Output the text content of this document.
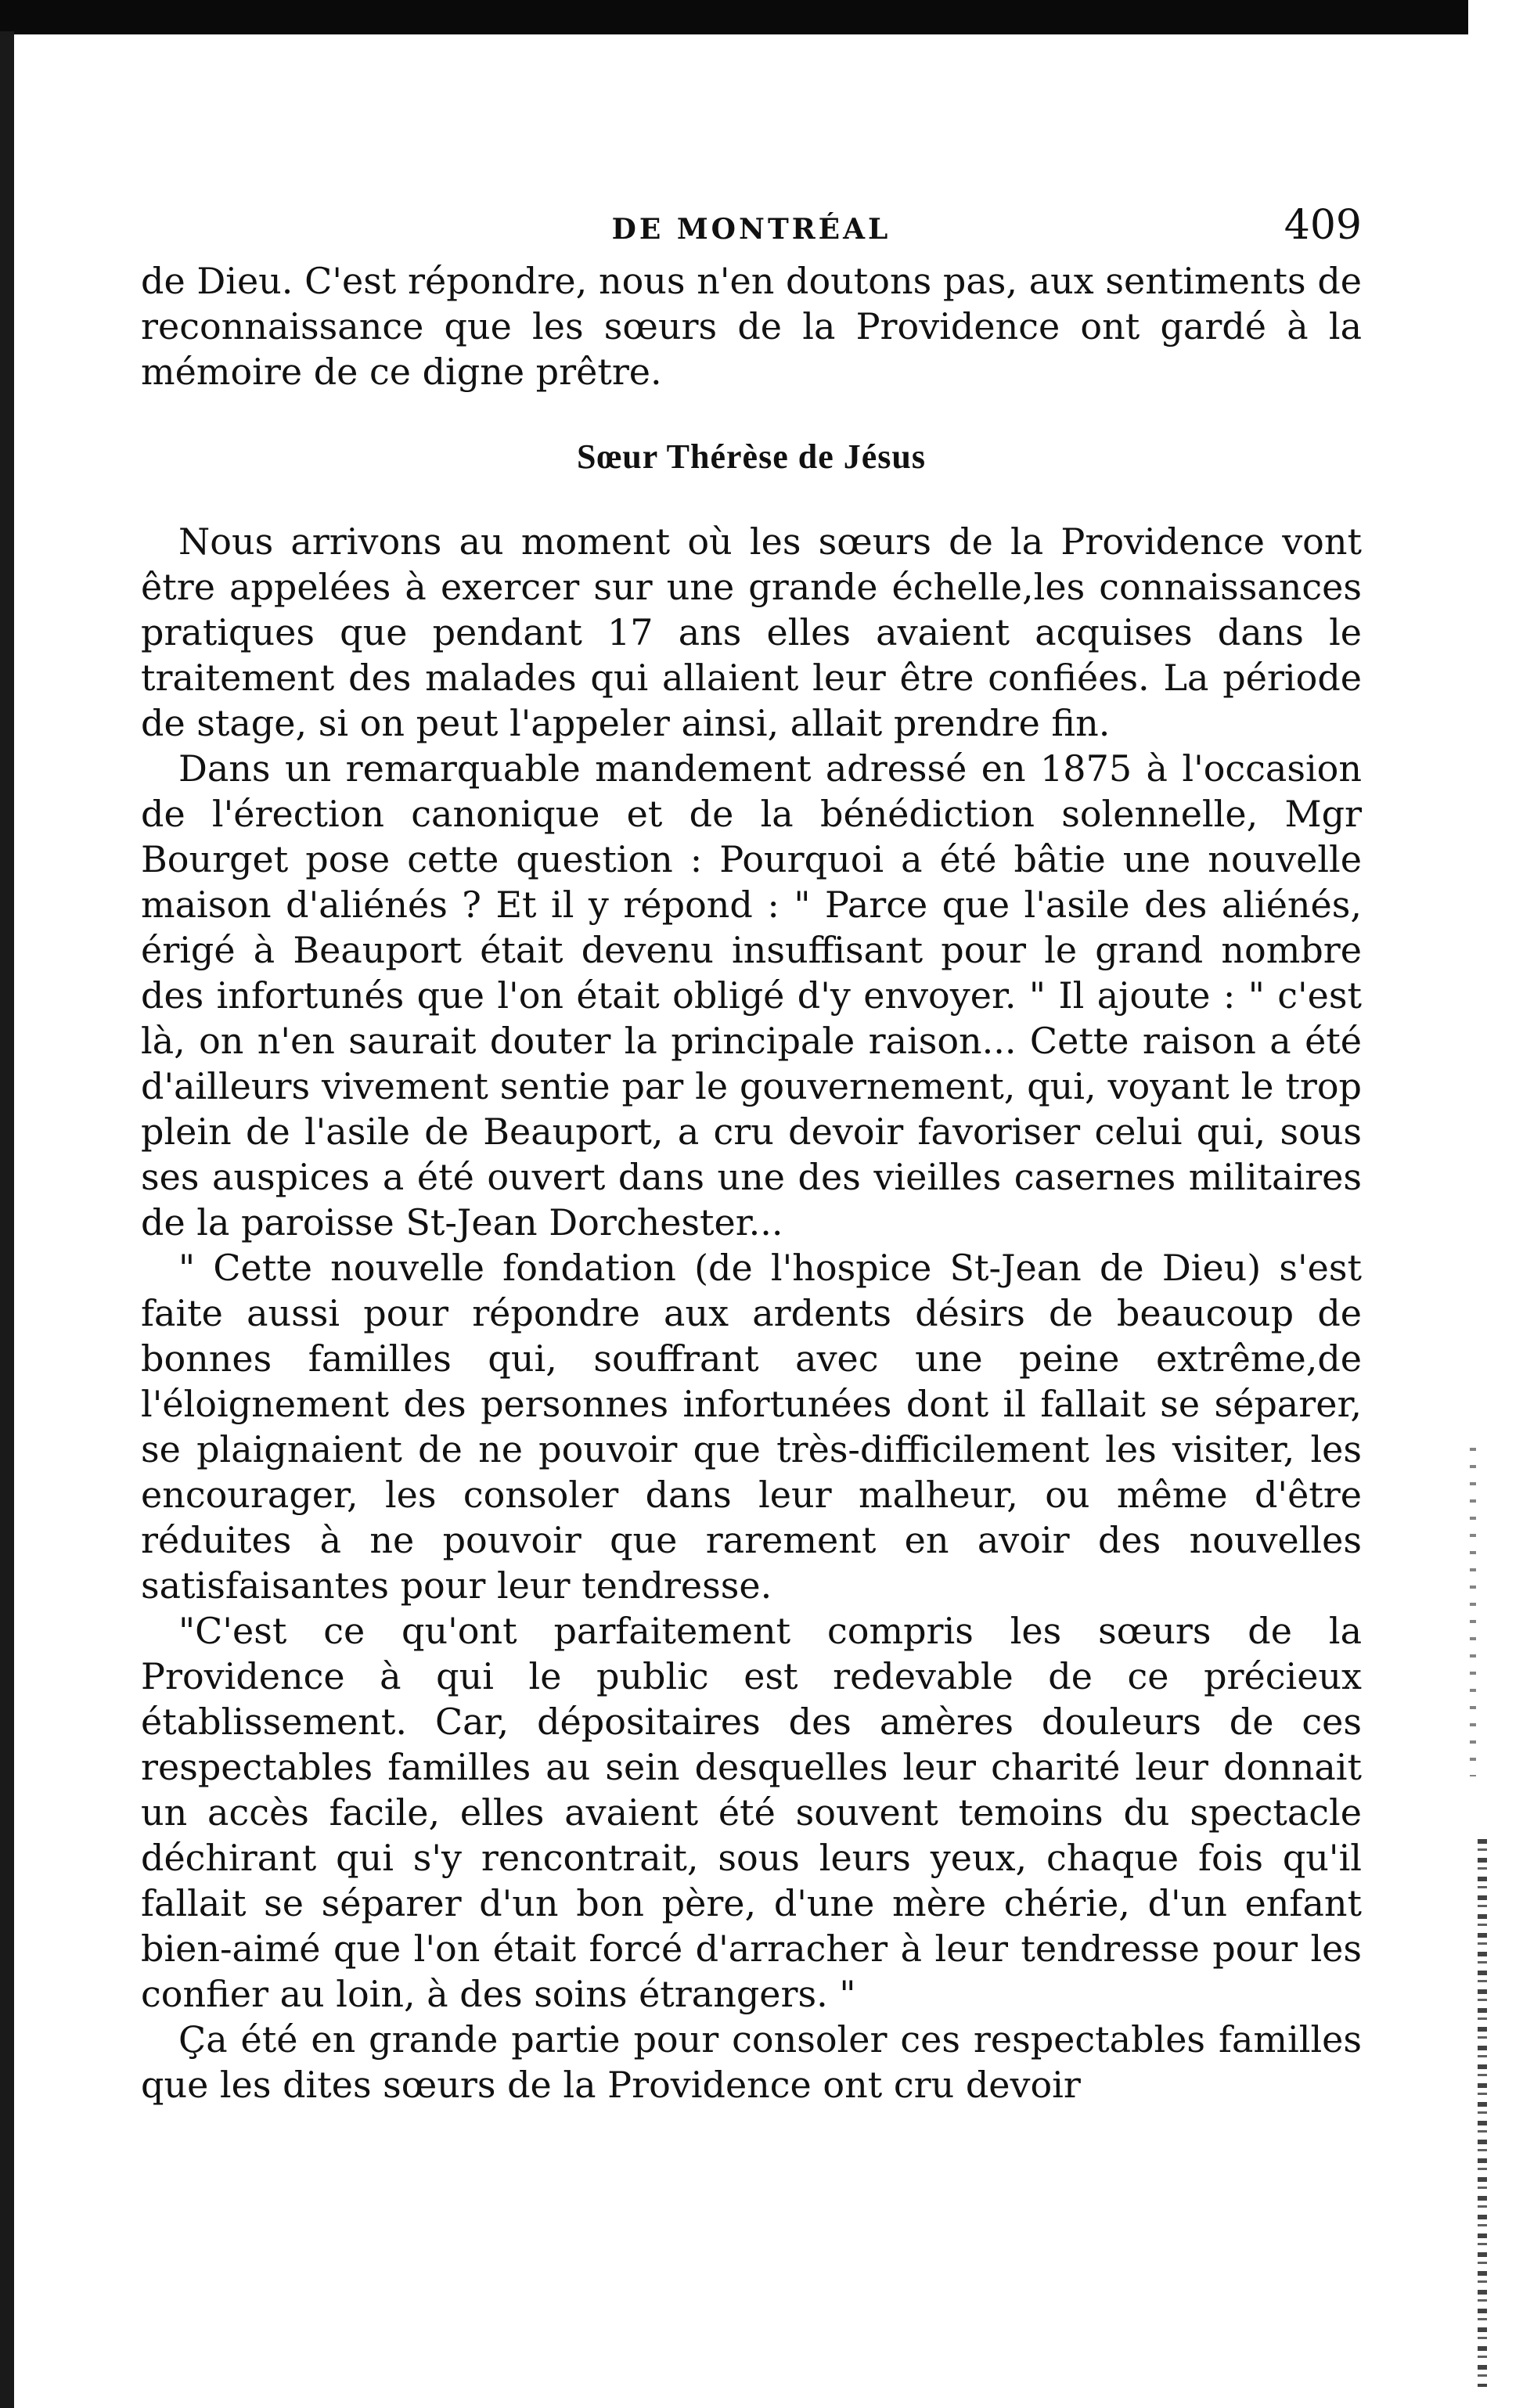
DE MONTRÉAL	409

de Dieu. C'est répondre, nous n'en doutons pas, aux sentiments de reconnaissance que les sœurs de la Providence ont gardé à la mémoire de ce digne prêtre.

Sœur Thérèse de Jésus

Nous arrivons au moment où les sœurs de la Providence vont être appelées à exercer sur une grande échelle,les connaissances pratiques que pendant 17 ans elles avaient acquises dans le traitement des malades qui allaient leur être confiées. La période de stage, si on peut l'appeler ainsi, allait prendre fin.

Dans un remarquable mandement adressé en 1875 à l'occasion de l'érection canonique et de la bénédiction solennelle, Mgr Bourget pose cette question : Pourquoi a été bâtie une nouvelle maison d'aliénés ? Et il y répond : " Parce que l'asile des aliénés, érigé à Beauport était devenu insuffisant pour le grand nombre des infortunés que l'on était obligé d'y envoyer. " Il ajoute : " c'est là, on n'en saurait douter la principale raison... Cette raison a été d'ailleurs vivement sentie par le gouvernement, qui, voyant le trop plein de l'asile de Beauport, a cru devoir favoriser celui qui, sous ses auspices a été ouvert dans une des vieilles casernes militaires de la paroisse St-Jean Dorchester...

" Cette nouvelle fondation (de l'hospice St-Jean de Dieu) s'est faite aussi pour répondre aux ardents désirs de beaucoup de bonnes familles qui, souffrant avec une peine extrême,de l'éloignement des personnes infortunées dont il fallait se séparer, se plaignaient de ne pouvoir que très-difficilement les visiter, les encourager, les consoler dans leur malheur, ou même d'être réduites à ne pouvoir que rarement en avoir des nouvelles satisfaisantes pour leur tendresse.

"C'est ce qu'ont parfaitement compris les sœurs de la Providence à qui le public est redevable de ce précieux établissement. Car, dépositaires des amères douleurs de ces respectables familles au sein desquelles leur charité leur donnait un accès facile, elles avaient été souvent temoins du spectacle déchirant qui s'y rencontrait, sous leurs yeux, chaque fois qu'il fallait se séparer d'un bon père, d'une mère chérie, d'un enfant bien-aimé que l'on était forcé d'arracher à leur tendresse pour les confier au loin, à des soins étrangers. "

Ça été en grande partie pour consoler ces respectables familles que les dites sœurs de la Providence ont cru devoir
